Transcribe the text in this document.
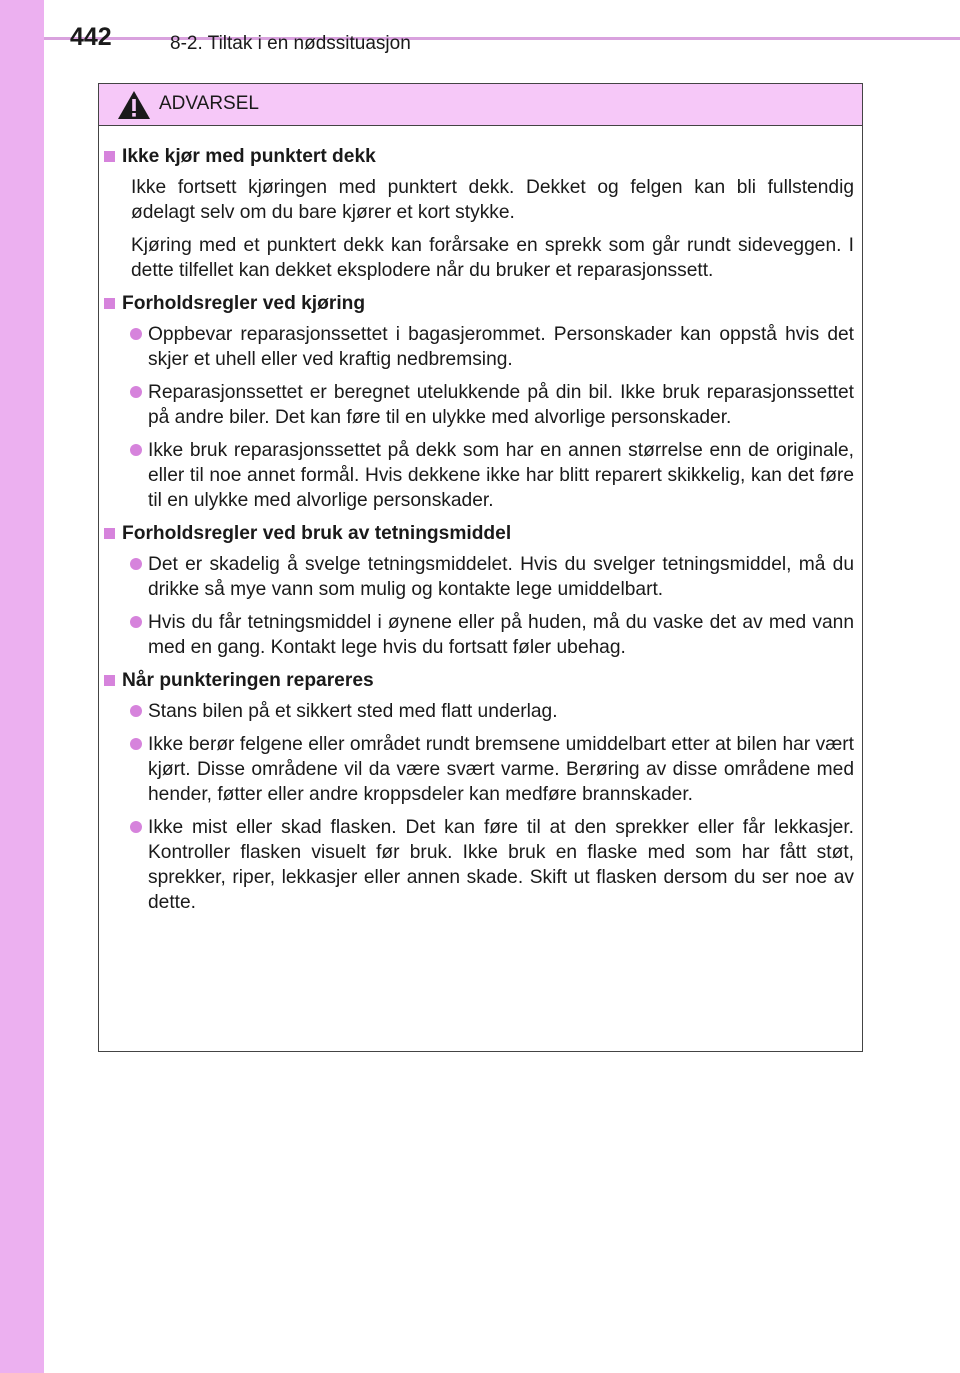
442	8-2. Tiltak i en nødssituasjon
ADVARSEL
Ikke kjør med punktert dekk

Ikke fortsett kjøringen med punktert dekk. Dekket og felgen kan bli fullstendig ødelagt selv om du bare kjører et kort stykke.

Kjøring med et punktert dekk kan forårsake en sprekk som går rundt sideveggen. I dette tilfellet kan dekket eksplodere når du bruker et reparasjonssett.

Forholdsregler ved kjøring
Oppbevar reparasjonssettet i bagasjerommet. Personskader kan oppstå hvis det skjer et uhell eller ved kraftig nedbremsing.
Reparasjonssettet er beregnet utelukkende på din bil. Ikke bruk reparasjonssettet på andre biler. Det kan føre til en ulykke med alvorlige personskader.
Ikke bruk reparasjonssettet på dekk som har en annen størrelse enn de originale, eller til noe annet formål. Hvis dekkene ikke har blitt reparert skikkelig, kan det føre til en ulykke med alvorlige personskader.
Forholdsregler ved bruk av tetningsmiddel
Det er skadelig å svelge tetningsmiddelet. Hvis du svelger tetningsmiddel, må du drikke så mye vann som mulig og kontakte lege umiddelbart.
Hvis du får tetningsmiddel i øynene eller på huden, må du vaske det av med vann med en gang. Kontakt lege hvis du fortsatt føler ubehag.
Når punkteringen repareres
Stans bilen på et sikkert sted med flatt underlag.
Ikke berør felgene eller området rundt bremsene umiddelbart etter at bilen har vært kjørt. Disse områdene vil da være svært varme. Berøring av disse områdene med hender, føtter eller andre kroppsdeler kan medføre brannskader.
Ikke mist eller skad flasken. Det kan føre til at den sprekker eller får lekkasjer. Kontroller flasken visuelt før bruk. Ikke bruk en flaske med som har fått støt, sprekker, riper, lekkasjer eller annen skade. Skift ut flasken dersom du ser noe av dette.
